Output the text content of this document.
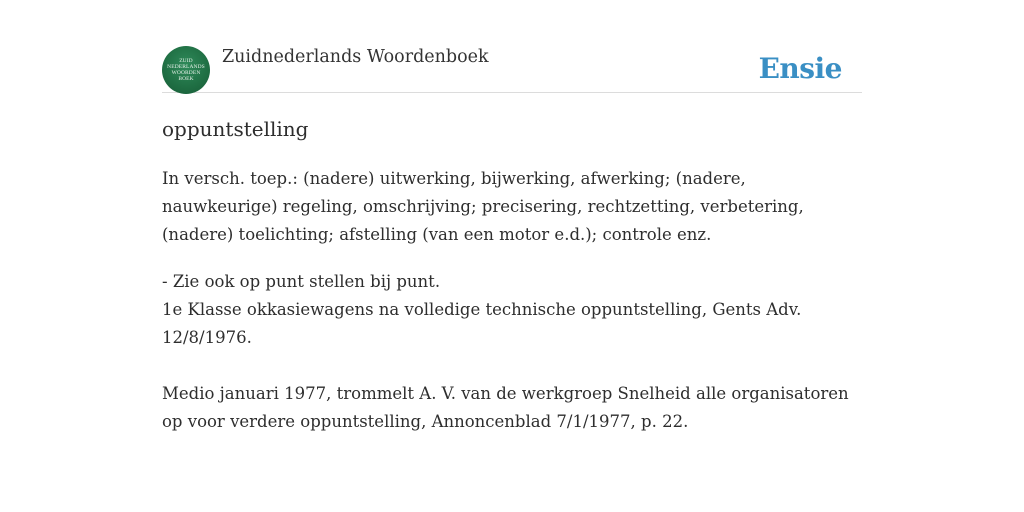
ZUID
NEDERLANDS
WOORDEN
BOEK
Zuidnederlands Woordenboek	Ensie
oppuntstelling

In versch. toep.: (nadere) uitwerking, bijwerking, afwerking; (nadere,
nauwkeurige) regeling, omschrijving; precisering, rechtzetting, verbetering,
(nadere) toelichting; afstelling (van een motor e.d.); controle enz.

- Zie ook op punt stellen bij punt.
1e Klasse okkasiewagens na volledige technische oppuntstelling, Gents Adv.
12/8/1976.
Medio januari 1977, trommelt A. V. van de werkgroep Snelheid alle organisatoren
op voor verdere oppuntstelling, Annoncenblad 7/1/1977, p. 22.
